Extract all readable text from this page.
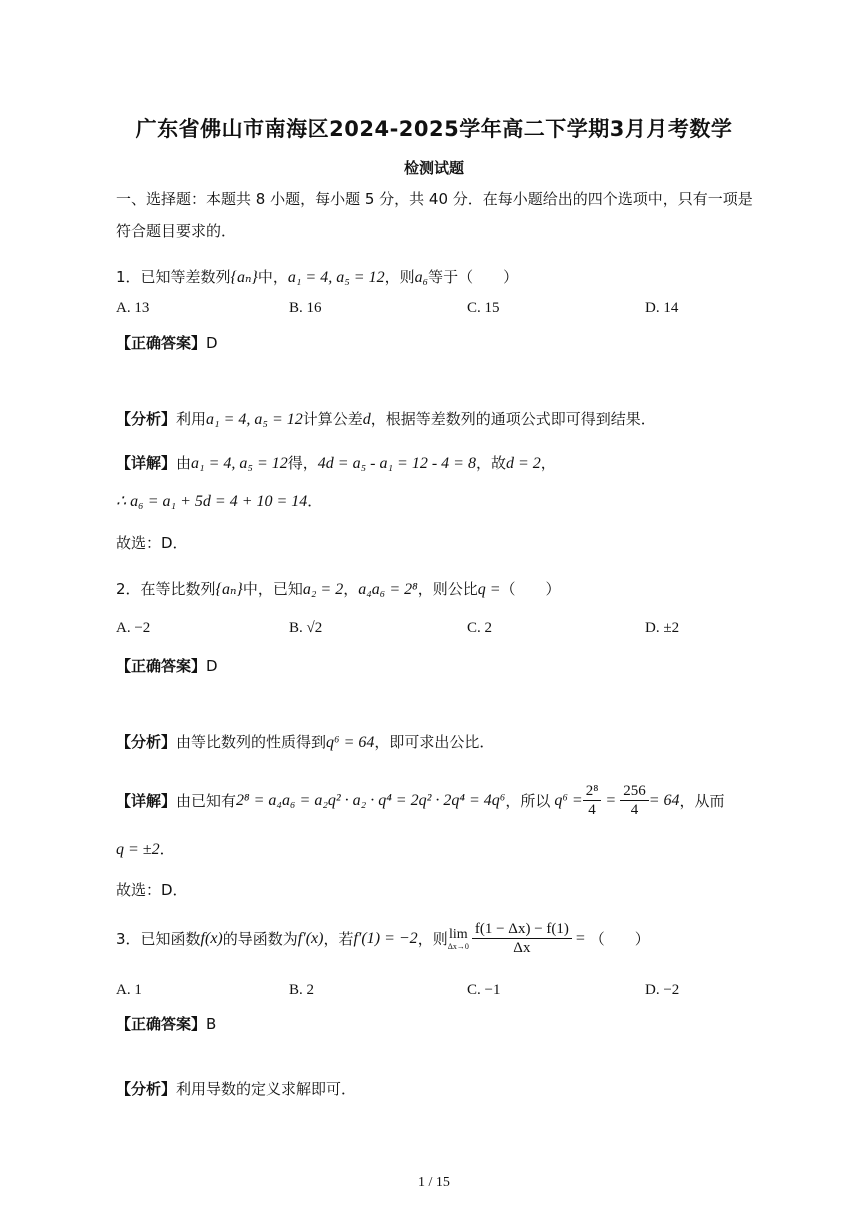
广东省佛山市南海区2024-2025学年高二下学期3月月考数学
检测试题
一、选择题：本题共 8 小题，每小题 5 分，共 40 分．在每小题给出的四个选项中，只有一项是
符合题目要求的．
1．已知等差数列{aₙ}中，a₁ = 4, a₅ = 12，则a₆等于（　　）
A. 13	B. 16	C. 15	D. 14
【正确答案】D
【分析】利用a₁ = 4, a₅ = 12计算公差d，根据等差数列的通项公式即可得到结果．
【详解】由a₁ = 4, a₅ = 12得，4d = a₅ - a₁ = 12 - 4 = 8，故d = 2，
∴ a₆ = a₁ + 5d = 4 + 10 = 14．
故选：D．
2．在等比数列{aₙ}中，已知a₂ = 2，a₄a₆ = 2⁸，则公比q =（　　）
A. −2	B. √2	C. 2	D. ±2
【正确答案】D
【分析】由等比数列的性质得到q⁶ = 64，即可求出公比．
【详解】 由已知有 2⁸ = a₄a₆ = a₂q² · a₂ · q⁴ = 2q² · 2q⁴ = 4q⁶ ，所以 $q^6 = \frac{\text{2⁸}}{4} = \frac{256}{4} = 64$ ，从而
q = ±2．
故选：D．
3．已知函数 f(x) 的导函数为 f′(x) ，若 f′(1) = −2 ，则 lim
$\Delta x\to 0 \frac{f(1 - \Delta x) - f(1)}{\Delta x}$ = （　　）
A. 1	B. 2	C. −1	D. −2
【正确答案】B
【分析】利用导数的定义求解即可．
1 / 15
